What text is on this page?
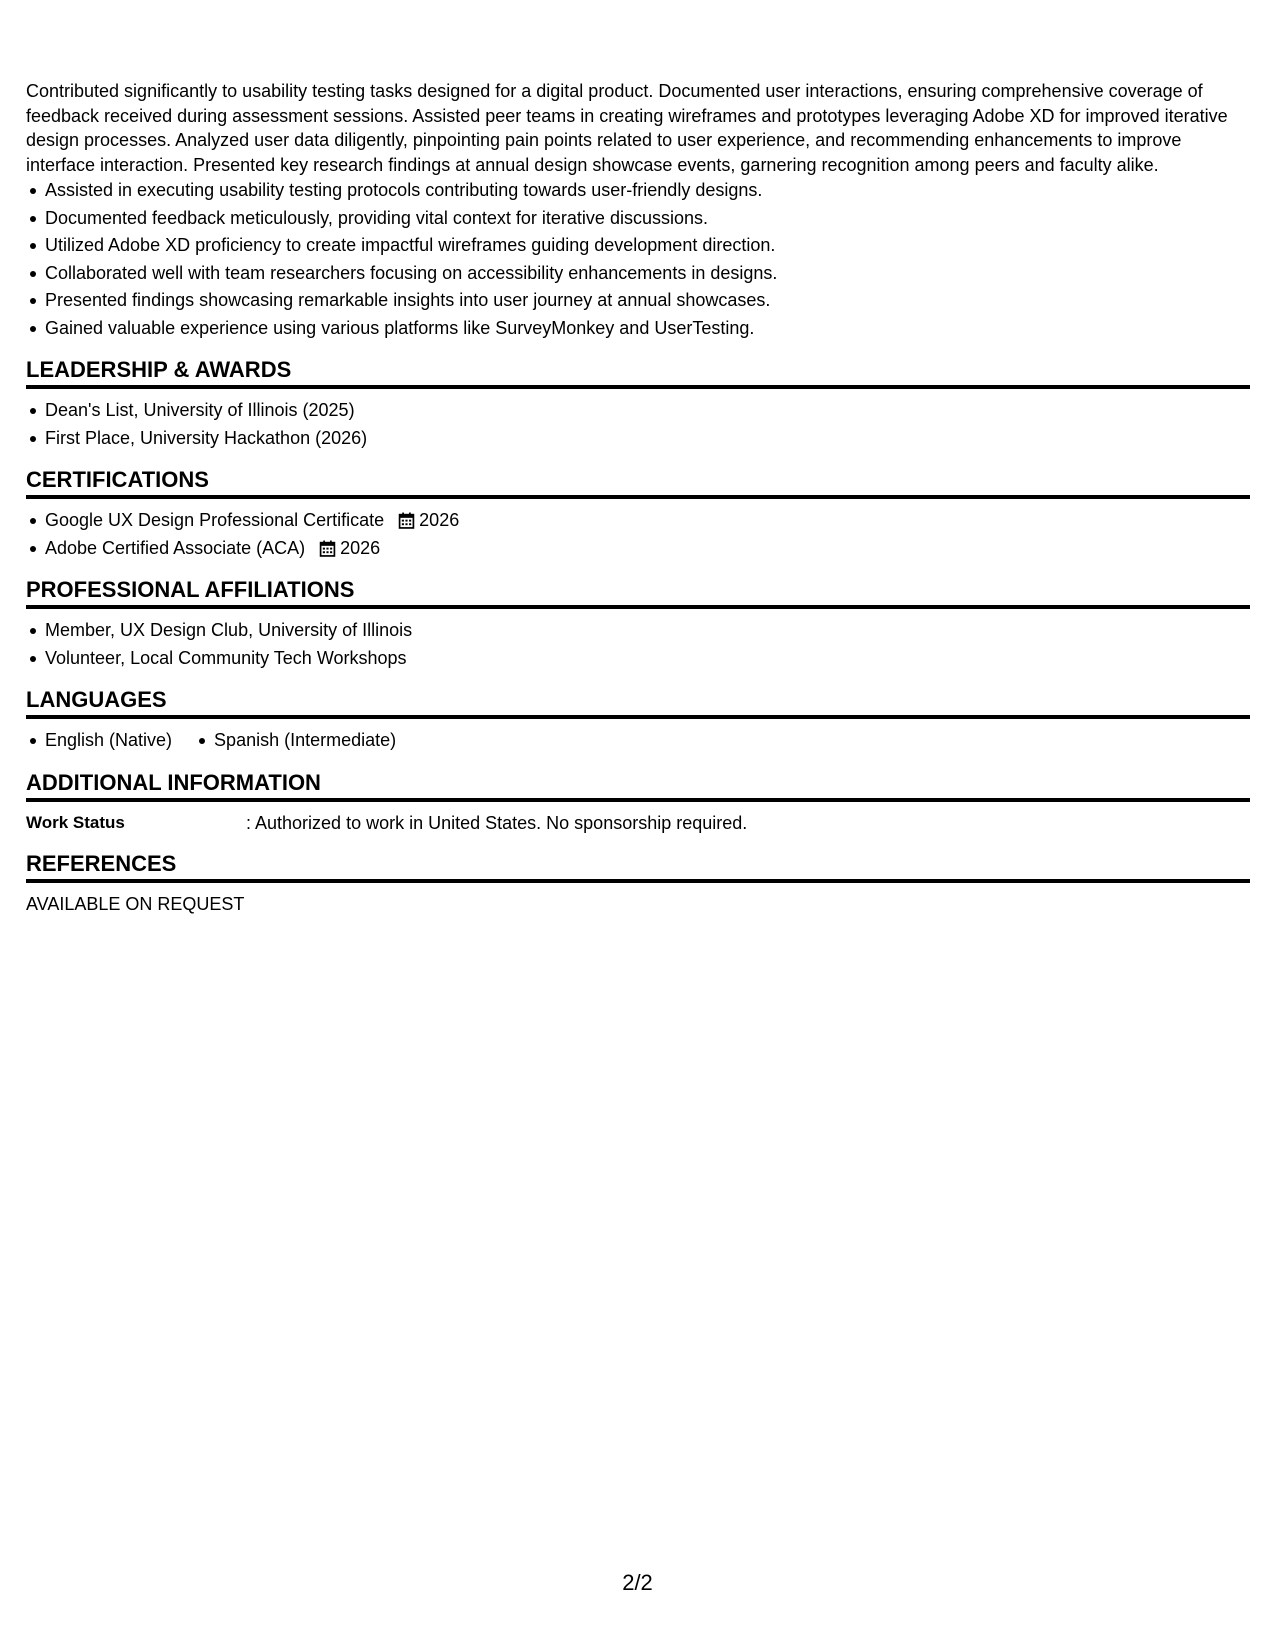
Contributed significantly to usability testing tasks designed for a digital product. Documented user interactions, ensuring comprehensive coverage of feedback received during assessment sessions. Assisted peer teams in creating wireframes and prototypes leveraging Adobe XD for improved iterative design processes. Analyzed user data diligently, pinpointing pain points related to user experience, and recommending enhancements to improve interface interaction. Presented key research findings at annual design showcase events, garnering recognition among peers and faculty alike.

Assisted in executing usability testing protocols contributing towards user-friendly designs.
Documented feedback meticulously, providing vital context for iterative discussions.
Utilized Adobe XD proficiency to create impactful wireframes guiding development direction.
Collaborated well with team researchers focusing on accessibility enhancements in designs.
Presented findings showcasing remarkable insights into user journey at annual showcases.
Gained valuable experience using various platforms like SurveyMonkey and UserTesting.
LEADERSHIP & AWARDS
Dean's List, University of Illinois (2025)
First Place, University Hackathon (2026)
CERTIFICATIONS
Google UX Design Professional Certificate 2026
Adobe Certified Associate (ACA) 2026
PROFESSIONAL AFFILIATIONS
Member, UX Design Club, University of Illinois
Volunteer, Local Community Tech Workshops
LANGUAGES
English (Native) Spanish (Intermediate)
ADDITIONAL INFORMATION
Work Status	: Authorized to work in United States. No sponsorship required.
REFERENCES

AVAILABLE ON REQUEST

2/2
